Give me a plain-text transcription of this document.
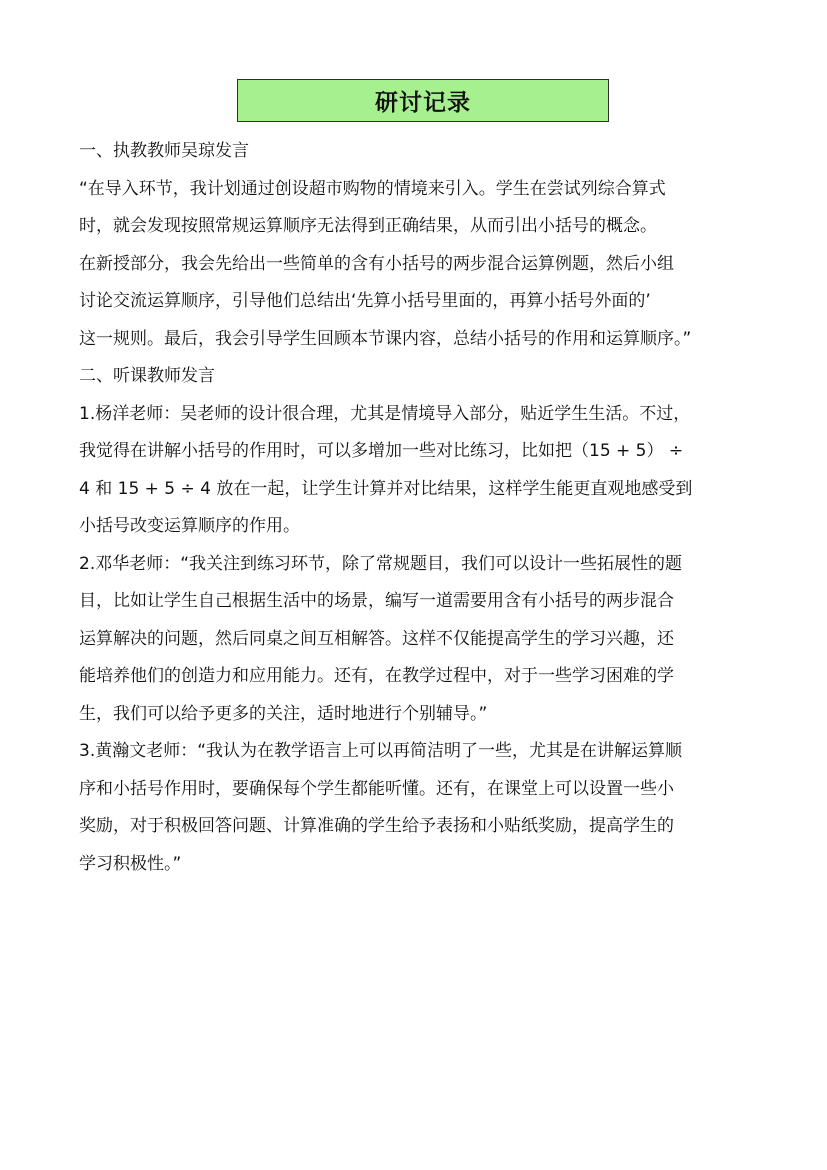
研讨记录
一、执教教师吴琼发言
“在导入环节，我计划通过创设超市购物的情境来引入。学生在尝试列综合算式
时，就会发现按照常规运算顺序无法得到正确结果，从而引出小括号的概念。
在新授部分，我会先给出一些简单的含有小括号的两步混合运算例题，然后小组
讨论交流运算顺序，引导他们总结出‘先算小括号里面的，再算小括号外面的’
这一规则。最后，我会引导学生回顾本节课内容，总结小括号的作用和运算顺序。”
二、听课教师发言
1.杨洋老师：吴老师的设计很合理，尤其是情境导入部分，贴近学生生活。不过，
我觉得在讲解小括号的作用时，可以多增加一些对比练习，比如把（15 + 5） ÷
4 和 15 + 5 ÷ 4 放在一起，让学生计算并对比结果，这样学生能更直观地感受到
小括号改变运算顺序的作用。
2.邓华老师：“我关注到练习环节，除了常规题目，我们可以设计一些拓展性的题
目，比如让学生自己根据生活中的场景，编写一道需要用含有小括号的两步混合
运算解决的问题，然后同桌之间互相解答。这样不仅能提高学生的学习兴趣，还
能培养他们的创造力和应用能力。还有，在教学过程中，对于一些学习困难的学
生，我们可以给予更多的关注，适时地进行个别辅导。”
3.黄瀚文老师：“我认为在教学语言上可以再简洁明了一些，尤其是在讲解运算顺
序和小括号作用时，要确保每个学生都能听懂。还有，在课堂上可以设置一些小
奖励，对于积极回答问题、计算准确的学生给予表扬和小贴纸奖励，提高学生的
学习积极性。”
